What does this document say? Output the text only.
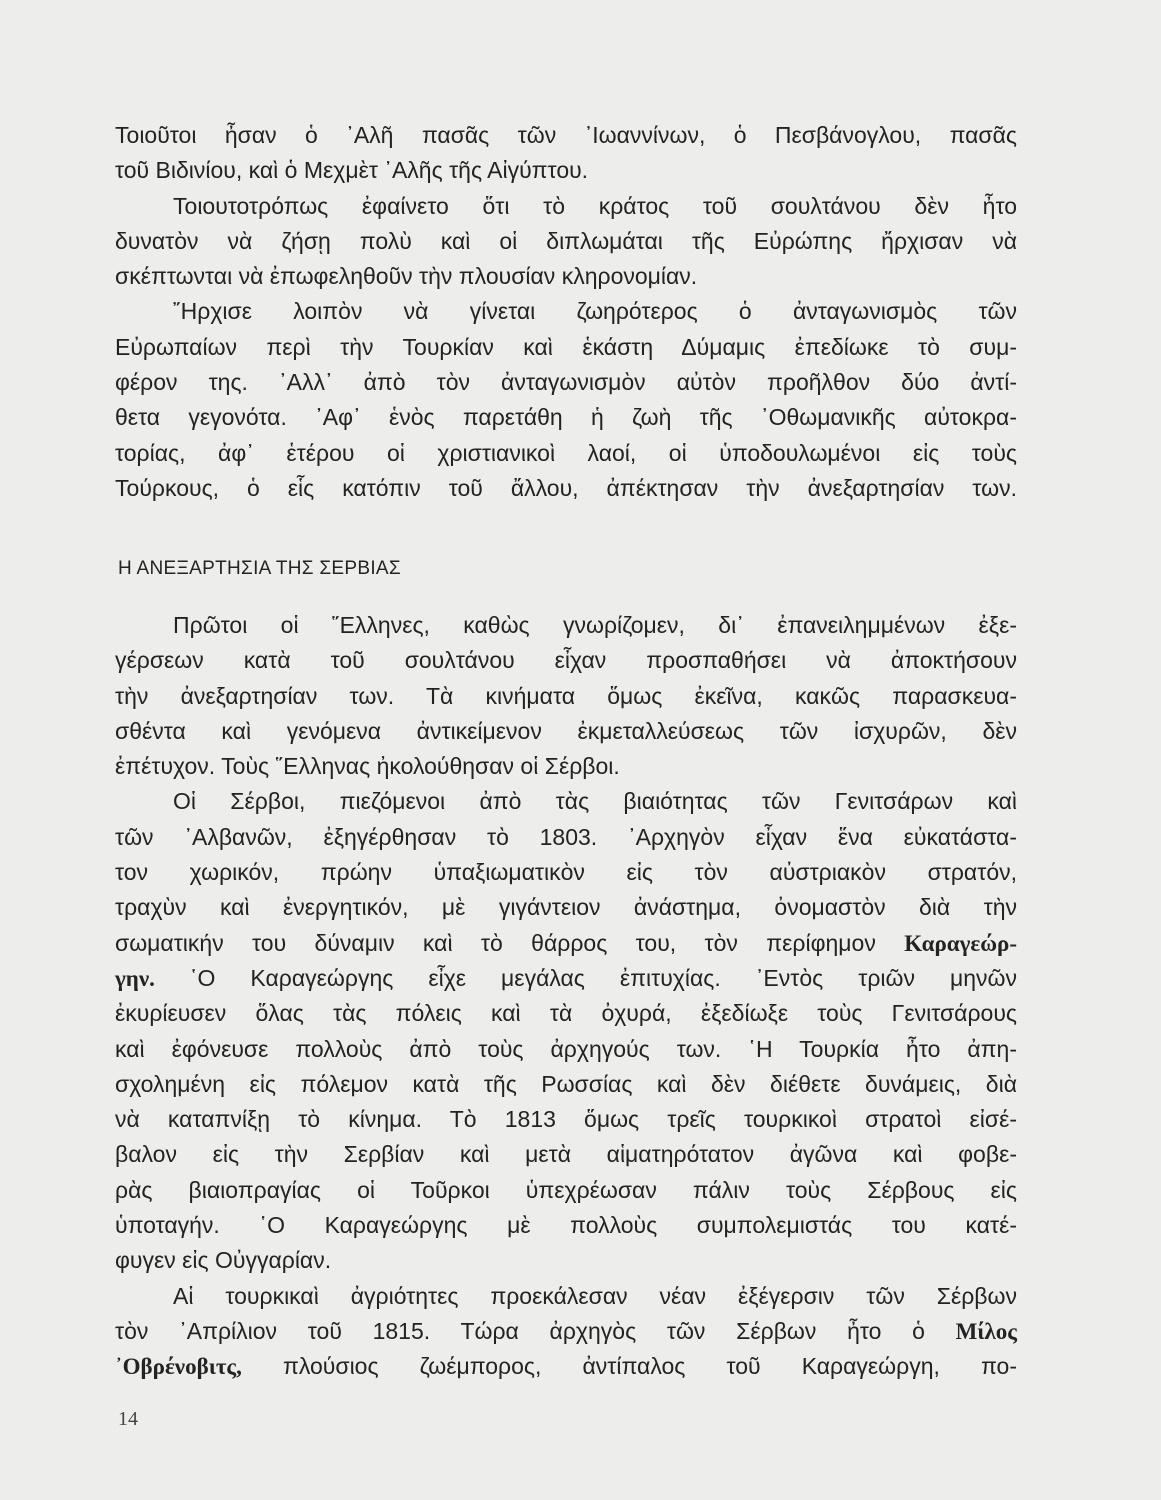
Τοιοῦτοι ἦσαν ὁ ᾿Αλῆ πασᾶς τῶν ᾿Ιωαννίνων, ὁ Πεσβάνογλου, πασᾶς
τοῦ Βιδινίου, καὶ ὁ Μεχμὲτ ᾿Αλῆς τῆς Αἰγύπτου.
Τοιουτοτρόπως ἐφαίνετο ὅτι τὸ κράτος τοῦ σουλτάνου δὲν ἦτο
δυνατὸν νὰ ζήσῃ πολὺ καὶ οἱ διπλωμάται τῆς Εὐρώπης ἤρχισαν νὰ
σκέπτωνται νὰ ἐπωφεληθοῦν τὴν πλουσίαν κληρονομίαν.
῎Ηρχισε λοιπὸν νὰ γίνεται ζωηρότερος ὁ ἀνταγωνισμὸς τῶν
Εὐρωπαίων περὶ τὴν Τουρκίαν καὶ ἑκάστη Δύμαμις ἐπεδίωκε τὸ συμ-
φέρον της. ᾿Αλλ᾿ ἀπὸ τὸν ἀνταγωνισμὸν αὐτὸν προῆλθον δύο ἀντί-
θετα γεγονότα. ᾿Αφ᾿ ἑνὸς παρετάθη ἡ ζωὴ τῆς ᾿Οθωμανικῆς αὐτοκρα-
τορίας, ἀφ᾿ ἑτέρου οἱ χριστιανικοὶ λαοί, οἱ ὑποδουλωμένοι εἰς τοὺς
Τούρκους, ὁ εἷς κατόπιν τοῦ ἄλλου, ἀπέκτησαν τὴν ἀνεξαρτησίαν των.
Η ΑΝΕΞΑΡΤΗΣΙΑ ΤΗΣ ΣΕΡΒΙΑΣ
Πρῶτοι οἱ ῞Ελληνες, καθὼς γνωρίζομεν, δι᾿ ἐπανειλημμένων ἐξε-
γέρσεων κατὰ τοῦ σουλτάνου εἶχαν προσπαθήσει νὰ ἀποκτήσουν
τὴν ἀνεξαρτησίαν των. Τὰ κινήματα ὅμως ἐκεῖνα, κακῶς παρασκευα-
σθέντα καὶ γενόμενα ἀντικείμενον ἐκμεταλλεύσεως τῶν ἰσχυρῶν, δὲν
ἐπέτυχον. Τοὺς ῞Ελληνας ἠκολούθησαν οἱ Σέρβοι.
Οἱ Σέρβοι, πιεζόμενοι ἀπὸ τὰς βιαιότητας τῶν Γενιτσάρων καὶ
τῶν ᾿Αλβανῶν, ἐξηγέρθησαν τὸ 1803. ᾿Αρχηγὸν εἶχαν ἕνα εὐκατάστα-
τον χωρικόν, πρώην ὑπαξιωματικὸν εἰς τὸν αὐστριακὸν στρατόν,
τραχὺν καὶ ἐνεργητικόν, μὲ γιγάντειον ἀνάστημα, ὀνομαστὸν διὰ τὴν
σωματικήν του δύναμιν καὶ τὸ θάρρος του, τὸν περίφημον Καραγεώρ-
γην. ῾Ο Καραγεώργης εἶχε μεγάλας ἐπιτυχίας. ᾿Εντὸς τριῶν μηνῶν
ἐκυρίευσεν ὅλας τὰς πόλεις καὶ τὰ ὀχυρά, ἐξεδίωξε τοὺς Γενιτσάρους
καὶ ἐφόνευσε πολλοὺς ἀπὸ τοὺς ἀρχηγούς των. ῾Η Τουρκία ἦτο ἀπη-
σχολημένη εἰς πόλεμον κατὰ τῆς Ρωσσίας καὶ δὲν διέθετε δυνάμεις, διὰ
νὰ καταπνίξῃ τὸ κίνημα. Τὸ 1813 ὅμως τρεῖς τουρκικοὶ στρατοὶ εἰσέ-
βαλον εἰς τὴν Σερβίαν καὶ μετὰ αἱματηρότατον ἀγῶνα καὶ φοβε-
ρὰς βιαιοπραγίας οἱ Τοῦρκοι ὑπεχρέωσαν πάλιν τοὺς Σέρβους εἰς
ὑποταγήν. ῾Ο Καραγεώργης μὲ πολλοὺς συμπολεμιστάς του κατέ-
φυγεν εἰς Οὐγγαρίαν.
Αἱ τουρκικαὶ ἀγριότητες προεκάλεσαν νέαν ἐξέγερσιν τῶν Σέρβων
τὸν ᾿Απρίλιον τοῦ 1815. Τώρα ἀρχηγὸς τῶν Σέρβων ἦτο ὁ Μίλος
᾿Οβρένοβιτς, πλούσιος ζωέμπορος, ἀντίπαλος τοῦ Καραγεώργη, πο-
14
